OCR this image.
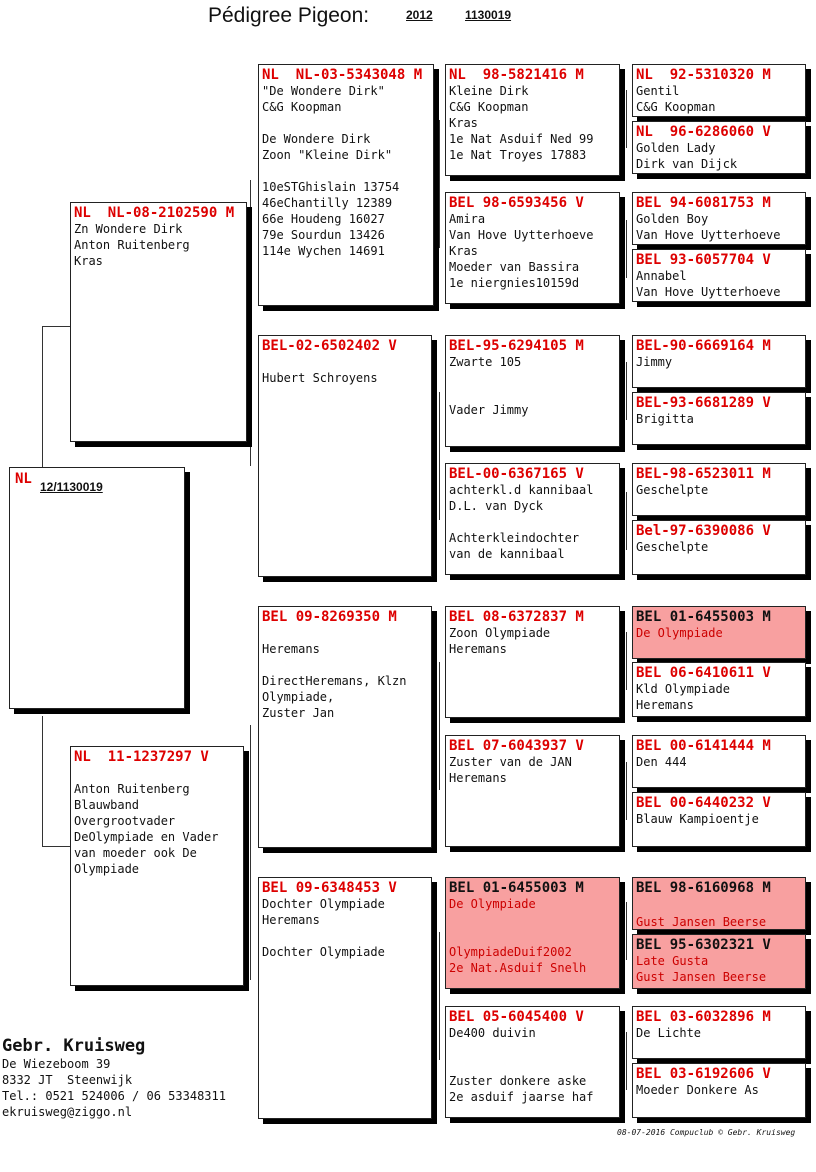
Pédigree Pigeon:	2012	1130019
NL 12/1130019
NL  NL-08-2102590 M
Zn Wondere Dirk
Anton Ruitenberg
Kras
NL  11-1237297 V
Anton Ruitenberg
Blauwband
Overgrootvader
DeOlympiade en Vader
van moeder ook De
Olympiade
NL  NL-03-5343048 M
"De Wondere Dirk"
C&G Koopman
De Wondere Dirk
Zoon "Kleine Dirk"
10eSTGhislain 13754
46eChantilly 12389
66e Houdeng 16027
79e Sourdun 13426
114e Wychen 14691
BEL-02-6502402 V
Hubert Schroyens
BEL 09-8269350 M
Heremans
DirectHeremans, Klzn
Olympiade,
Zuster Jan
BEL 09-6348453 V
Dochter Olympiade
Heremans
Dochter Olympiade
NL  98-5821416 M
Kleine Dirk
C&G Koopman
Kras
1e Nat Asduif Ned 99
1e Nat Troyes 17883
BEL 98-6593456 V
Amira
Van Hove Uytterhoeve
Kras
Moeder van Bassira
1e niergnies10159d
BEL-95-6294105 M
Zwarte 105
Vader Jimmy
BEL-00-6367165 V
achterkl.d kannibaal
D.L. van Dyck
Achterkleindochter
van de kannibaal
BEL 08-6372837 M
Zoon Olympiade
Heremans
BEL 07-6043937 V
Zuster van de JAN
Heremans
BEL 01-6455003 M
De Olympiade
OlympiadeDuif2002
2e Nat.Asduif Snelh
BEL 05-6045400 V
De400 duivin
Zuster donkere aske
2e asduif jaarse haf
NL  92-5310320 M
Gentil
C&G Koopman
NL  96-6286060 V
Golden Lady
Dirk van Dijck
BEL 94-6081753 M
Golden Boy
Van Hove Uytterhoeve
BEL 93-6057704 V
Annabel
Van Hove Uytterhoeve
BEL-90-6669164 M
Jimmy
BEL-93-6681289 V
Brigitta
BEL-98-6523011 M
Geschelpte
Bel-97-6390086 V
Geschelpte
BEL 01-6455003 M
De Olympiade
BEL 06-6410611 V
Kld Olympiade
Heremans
BEL 00-6141444 M
Den 444
BEL 00-6440232 V
Blauw Kampioentje
BEL 98-6160968 M
Gust Jansen Beerse
BEL 95-6302321 V
Late Gusta
Gust Jansen Beerse
BEL 03-6032896 M
De Lichte
BEL 03-6192606 V
Moeder Donkere As
Gebr. Kruisweg
De Wiezeboom 39
8332 JT  Steenwijk
Tel.: 0521 524006 / 06 53348311
ekruisweg@ziggo.nl
08-07-2016 Compuclub © Gebr. Kruisweg
